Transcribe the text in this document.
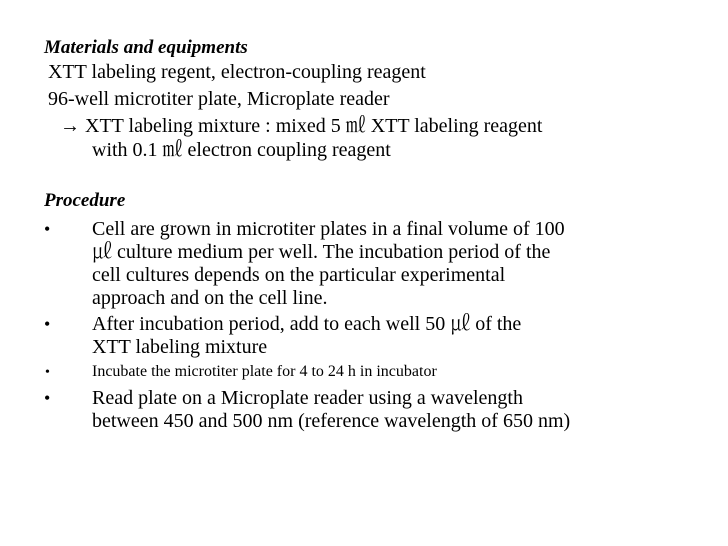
Materials and equipments
XTT labeling regent, electron-coupling reagent
96-well microtiter plate, Microplate reader
→ XTT labeling mixture : mixed 5 ㎖ XTT labeling reagent
with 0.1 ㎖ electron coupling reagent
Procedure
• Cell are grown in microtiter plates in a final volume of 100
㎕ culture medium per well. The incubation period of the
cell cultures depends on the particular experimental
approach and on the cell line.
• After incubation period, add to each well 50 ㎕ of the
XTT labeling mixture
•	Incubate the microtiter plate for 4 to 24 h in incubator
• Read plate on a Microplate reader using a wavelength
between 450 and 500 nm (reference wavelength of 650 nm)
